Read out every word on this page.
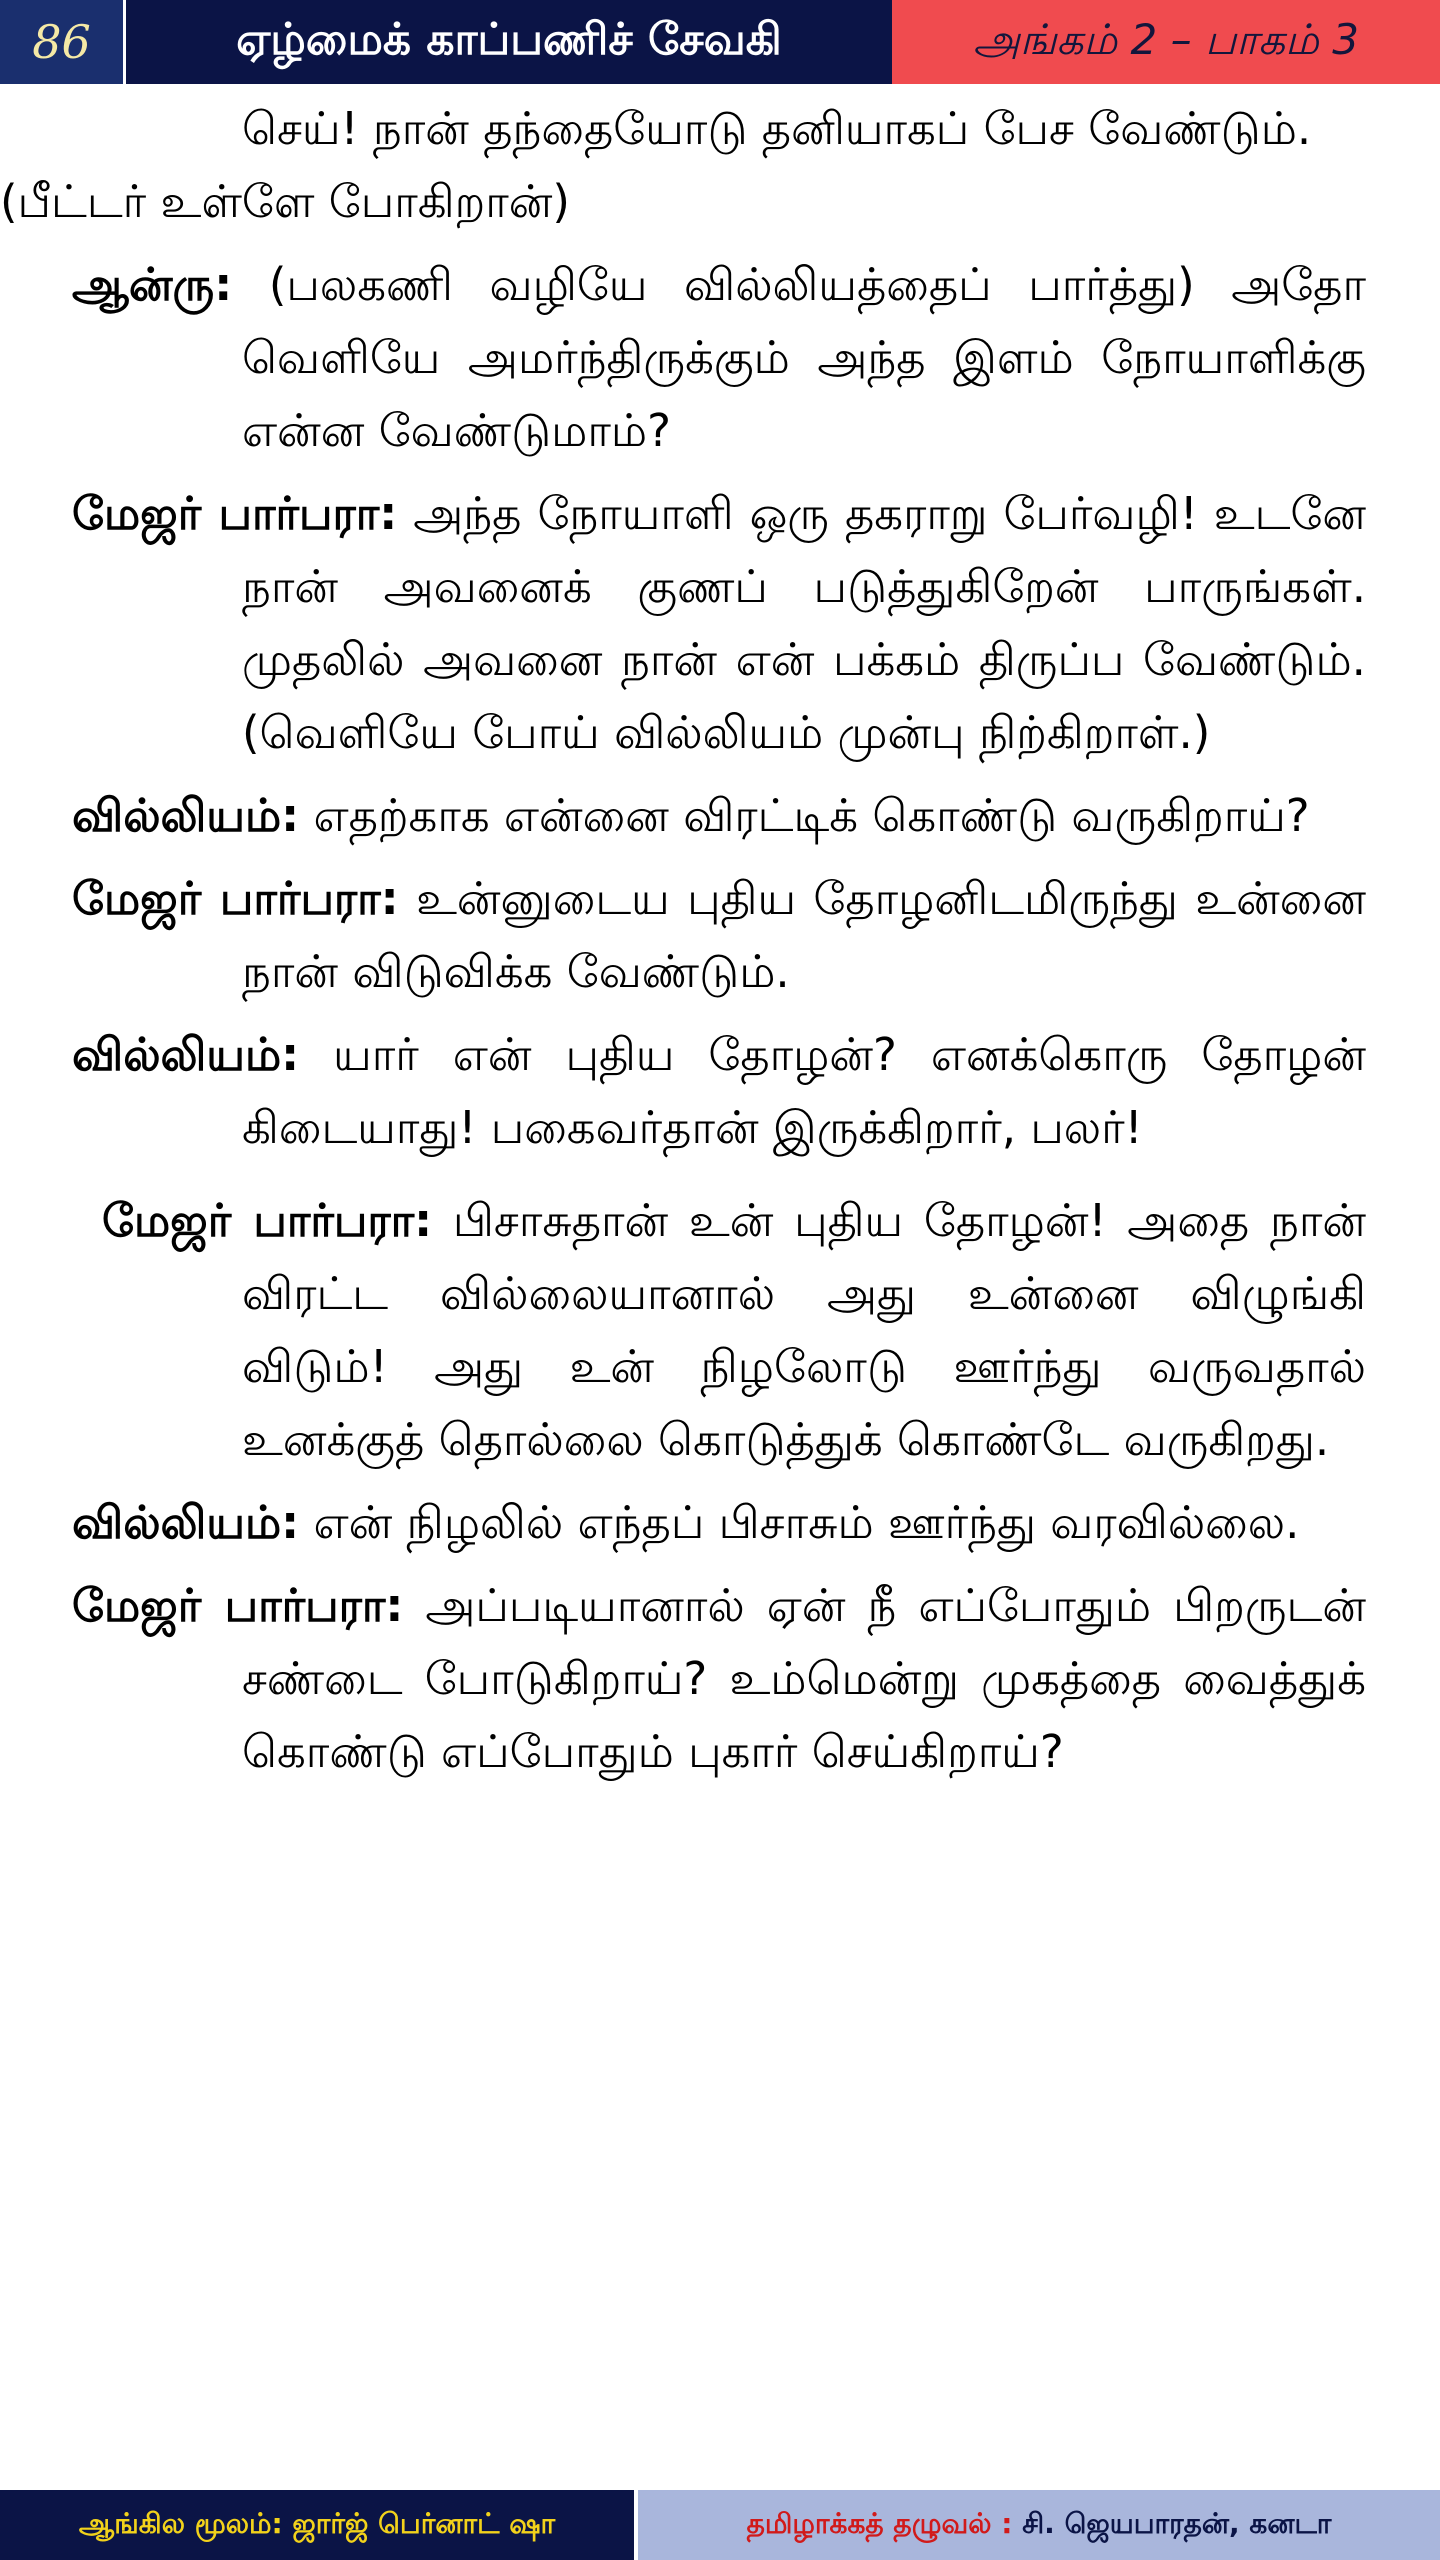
86	ஏழ்மைக் காப்பணிச் சேவகி	அங்கம் 2 – பாகம் 3

செய்! நான் தந்தையோடு தனியாகப் பேச வேண்டும்.

(பீட்டர் உள்ளே போகிறான்)

ஆன்ரு: (பலகணி வழியே வில்லியத்தைப் பார்த்து) அதோ வெளியே அமர்ந்திருக்கும் அந்த இளம் நோயாளிக்கு என்ன வேண்டுமாம்?

மேஜர் பார்பரா: அந்த நோயாளி ஒரு தகராறு பேர்வழி! உடனே நான் அவனைக் குணப் படுத்துகிறேன் பாருங்கள். முதலில் அவனை நான் என் பக்கம் திருப்ப வேண்டும். (வெளியே போய் வில்லியம் முன்பு நிற்கிறாள்.)

வில்லியம்: எதற்காக என்னை விரட்டிக் கொண்டு வருகிறாய்?

மேஜர் பார்பரா: உன்னுடைய புதிய தோழனிடமிருந்து உன்னை நான் விடுவிக்க வேண்டும்.

வில்லியம்: யார் என் புதிய தோழன்? எனக்கொரு தோழன் கிடையாது! பகைவர்தான் இருக்கிறார், பலர்!

மேஜர் பார்பரா: பிசாசுதான் உன் புதிய தோழன்! அதை நான் விரட்ட வில்லையானால் அது உன்னை விழுங்கி விடும்! அது உன் நிழலோடு ஊர்ந்து வருவதால் உனக்குத் தொல்லை கொடுத்துக் கொண்டே வருகிறது.

வில்லியம்: என் நிழலில் எந்தப் பிசாசும் ஊர்ந்து வரவில்லை.

மேஜர் பார்பரா: அப்படியானால் ஏன் நீ எப்போதும் பிறருடன் சண்டை போடுகிறாய்? உம்மென்று முகத்தை வைத்துக் கொண்டு எப்போதும் புகார் செய்கிறாய்?

ஆங்கில மூலம்: ஜார்ஜ் பெர்னாட் ஷா	தமிழாக்கத் தழுவல் :
சி. ஜெயபாரதன், கனடா
